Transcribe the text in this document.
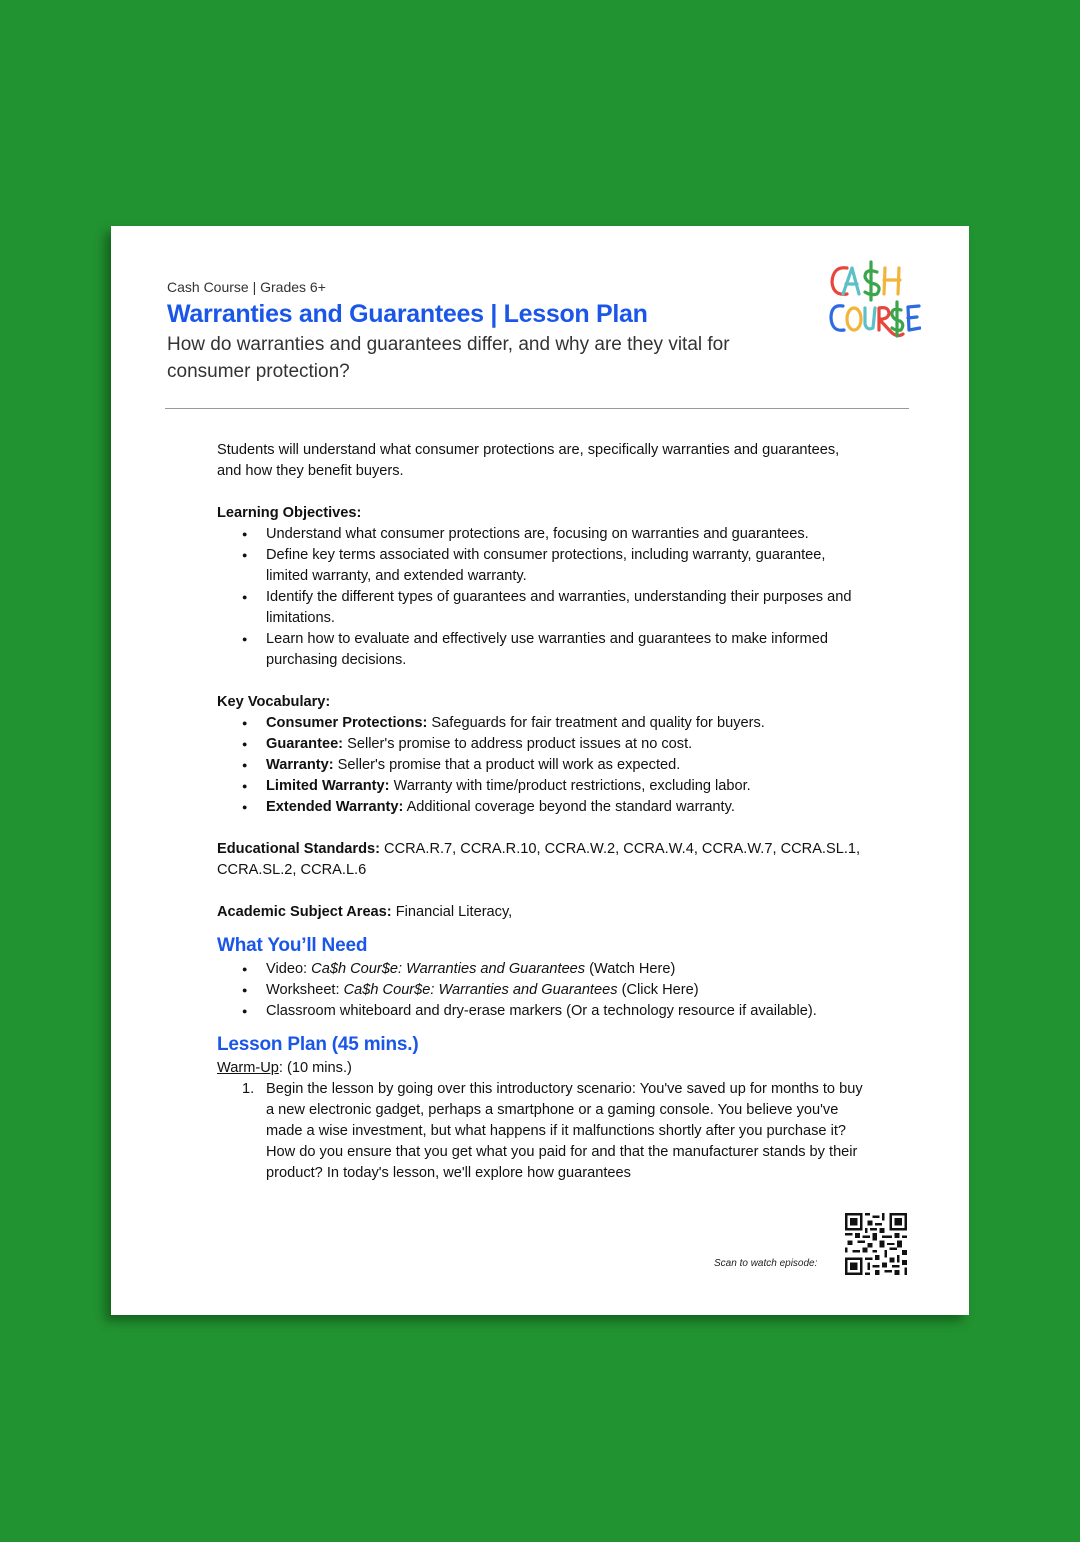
Cash Course | Grades 6+
Warranties and Guarantees | Lesson Plan
How do warranties and guarantees differ, and why are they vital for consumer protection?

Students will understand what consumer protections are, specifically warranties and guarantees, and how they benefit buyers.

Learning Objectives:

● Understand what consumer protections are, focusing on warranties and guarantees.
● Define key terms associated with consumer protections, including warranty, guarantee, limited warranty, and extended warranty.
● Identify the different types of guarantees and warranties, understanding their purposes and limitations.
● Learn how to evaluate and effectively use warranties and guarantees to make informed purchasing decisions.

Key Vocabulary:

● Consumer Protections: Safeguards for fair treatment and quality for buyers.
● Guarantee: Seller's promise to address product issues at no cost.
● Warranty: Seller's promise that a product will work as expected.
● Limited Warranty: Warranty with time/product restrictions, excluding labor.
● Extended Warranty: Additional coverage beyond the standard warranty.

Educational Standards: CCRA.R.7, CCRA.R.10, CCRA.W.2, CCRA.W.4, CCRA.W.7, CCRA.SL.1, CCRA.SL.2, CCRA.L.6

Academic Subject Areas: Financial Literacy,

What You’ll Need
● Video: Ca$h Cour$e: Warranties and Guarantees (Watch Here)
● Worksheet: Ca$h Cour$e: Warranties and Guarantees (Click Here)
● Classroom whiteboard and dry-erase markers (Or a technology resource if available).
Lesson Plan (45 mins.)

Warm-Up: (10 mins.)

1. Begin the lesson by going over this introductory scenario: You've saved up for months to buy a new electronic gadget, perhaps a smartphone or a gaming console. You believe you've made a wise investment, but what happens if it malfunctions shortly after you purchase it? How do you ensure that you get what you paid for and that the manufacturer stands by their product? In today's lesson, we'll explore how guarantees
Scan to watch episode:
